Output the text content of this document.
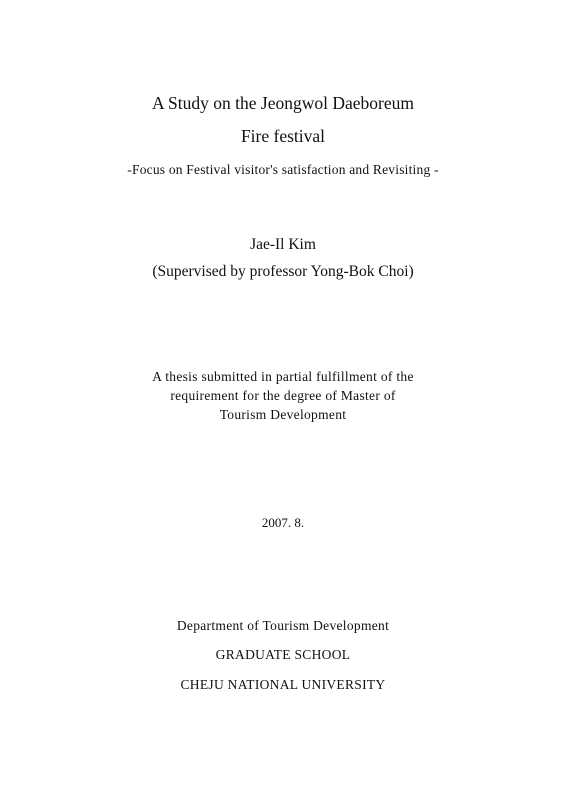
A Study on the Jeongwol Daeboreum
Fire festival
-Focus on Festival visitor's satisfaction and Revisiting -
Jae-Il Kim
(Supervised by professor Yong-Bok Choi)
A thesis submitted in partial fulfillment of the
requirement for the degree of Master of
Tourism Development
2007. 8.
Department of Tourism Development
GRADUATE SCHOOL
CHEJU NATIONAL UNIVERSITY
